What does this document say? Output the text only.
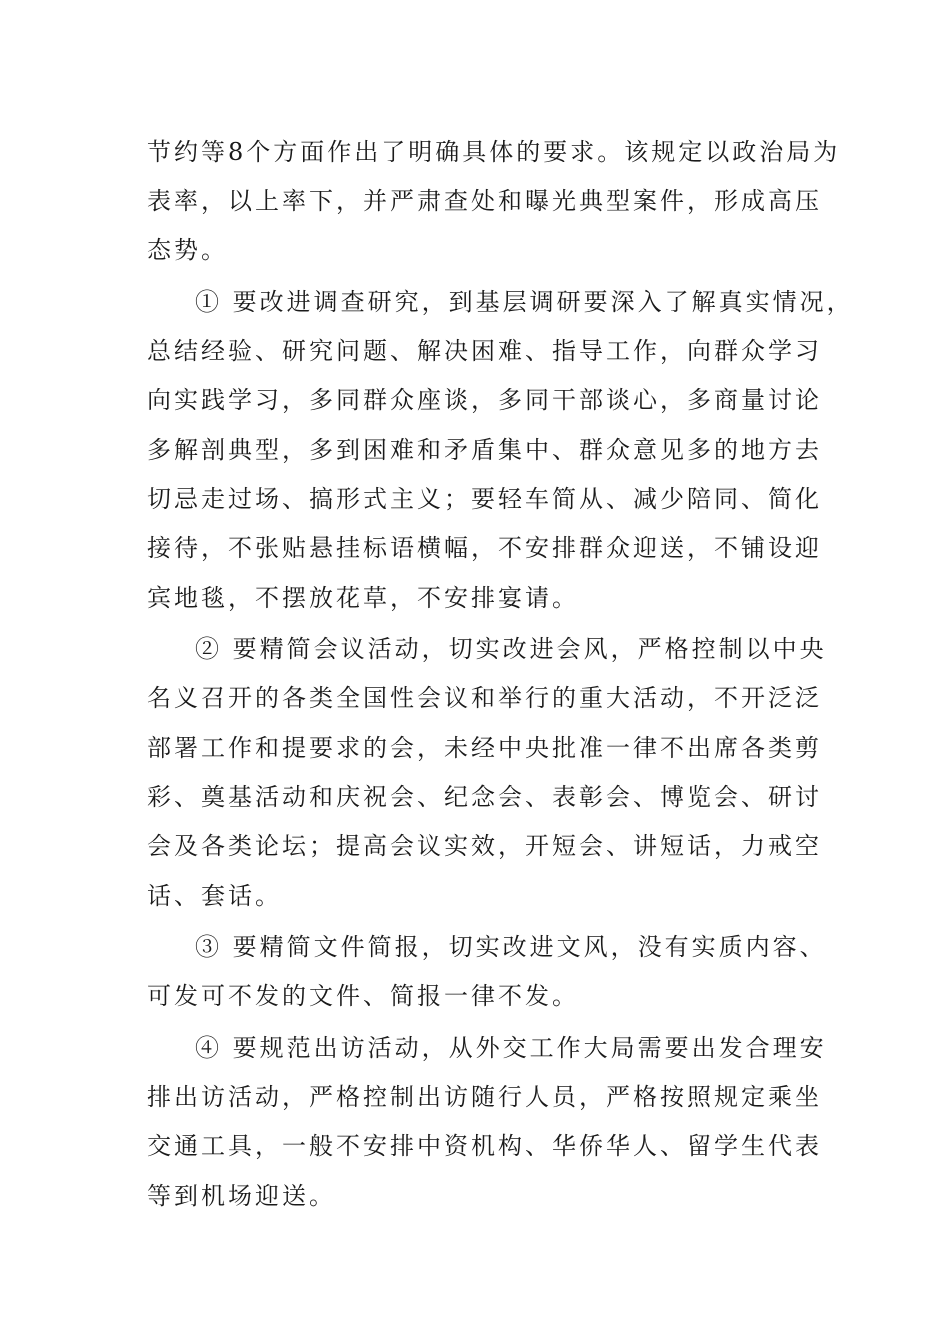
节约等8个方面作出了明确具体的要求。该规定以政治局为
表率，以上率下，并严肃查处和曝光典型案件，形成高压
态势。
① 要改进调查研究，到基层调研要深入了解真实情况，
总结经验、研究问题、解决困难、指导工作，向群众学习
向实践学习，多同群众座谈，多同干部谈心，多商量讨论
多解剖典型，多到困难和矛盾集中、群众意见多的地方去
切忌走过场、搞形式主义；要轻车简从、减少陪同、简化
接待，不张贴悬挂标语横幅，不安排群众迎送，不铺设迎
宾地毯，不摆放花草，不安排宴请。
② 要精简会议活动，切实改进会风，严格控制以中央
名义召开的各类全国性会议和举行的重大活动，不开泛泛
部署工作和提要求的会，未经中央批准一律不出席各类剪
彩、奠基活动和庆祝会、纪念会、表彰会、博览会、研讨
会及各类论坛；提高会议实效，开短会、讲短话，力戒空
话、套话。
③ 要精简文件简报，切实改进文风，没有实质内容、
可发可不发的文件、简报一律不发。
④ 要规范出访活动，从外交工作大局需要出发合理安
排出访活动，严格控制出访随行人员，严格按照规定乘坐
交通工具，一般不安排中资机构、华侨华人、留学生代表
等到机场迎送。
